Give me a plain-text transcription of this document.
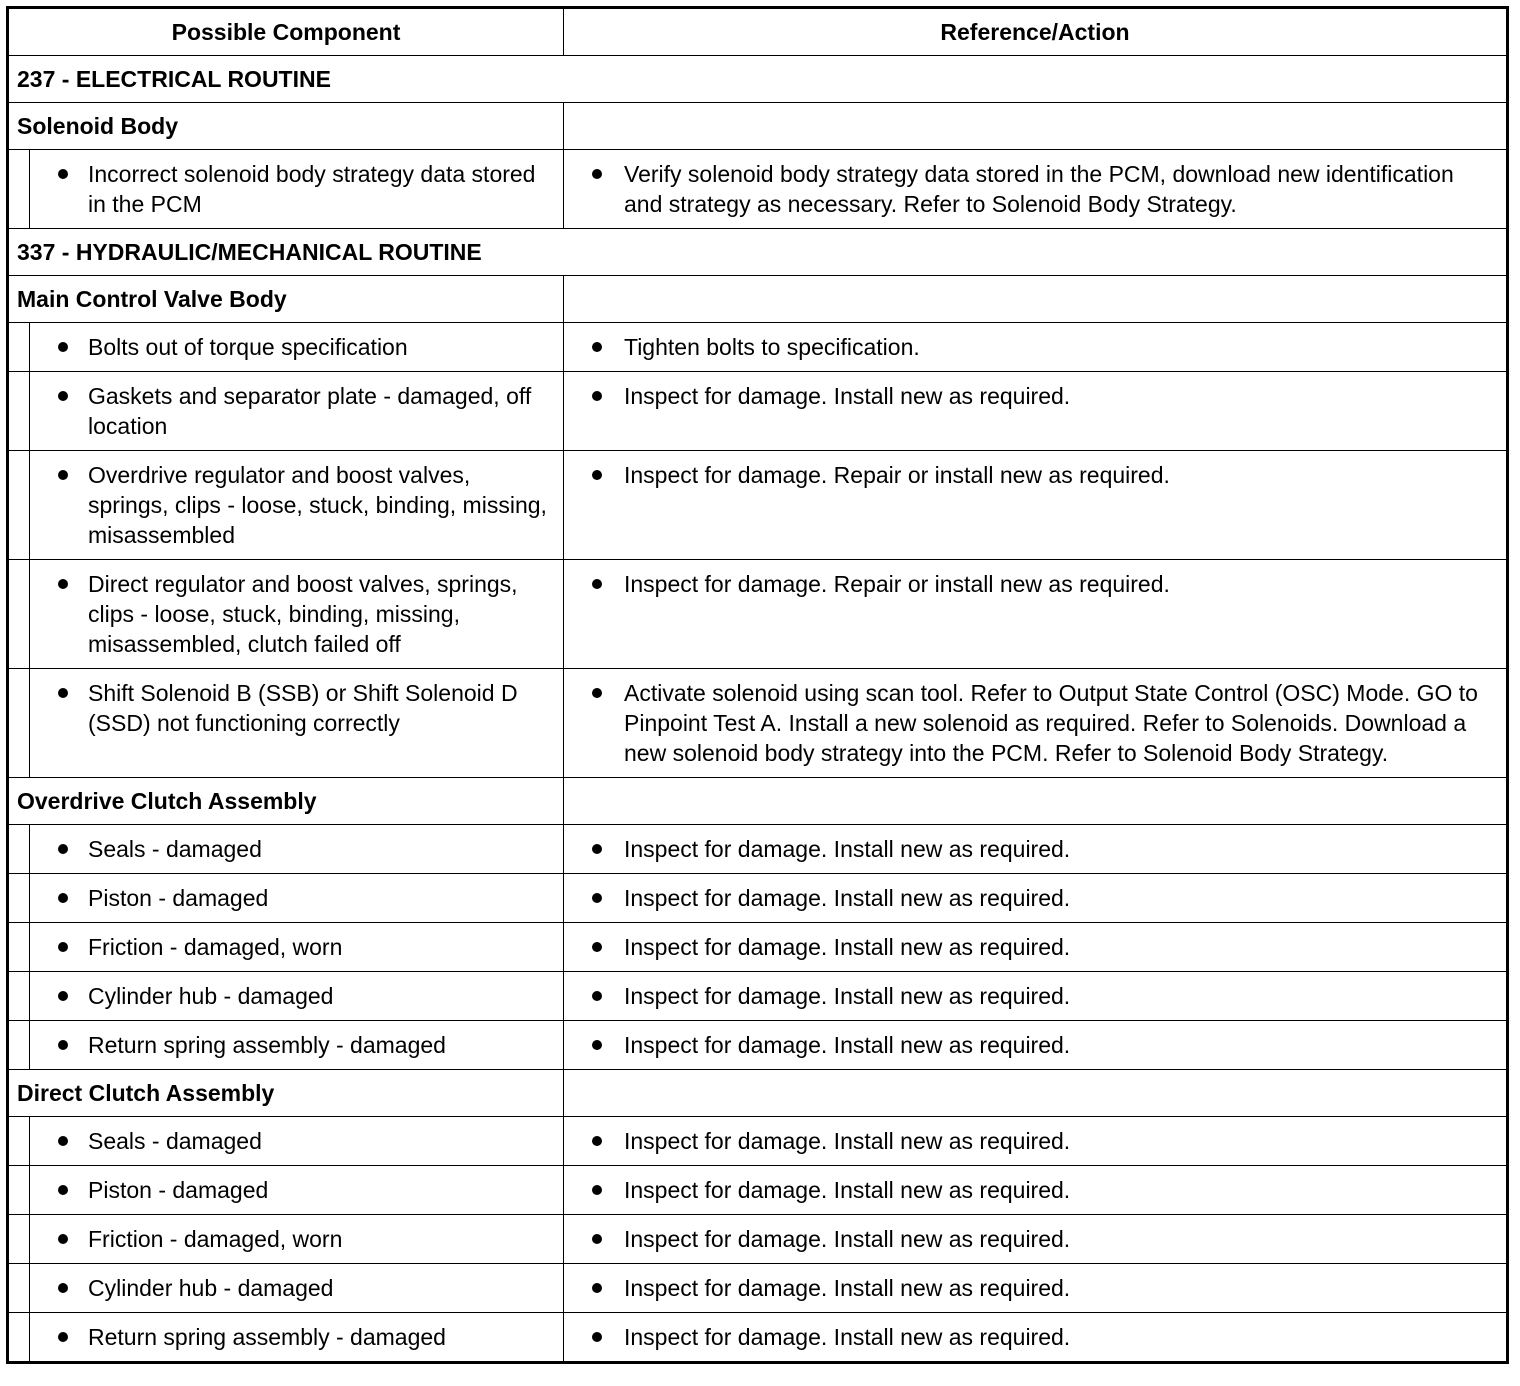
Possible Component		Reference/Action
237 - ELECTRICAL ROUTINE		
Solenoid Body		

	Incorrect solenoid body strategy data stored in the PCM	Verify solenoid body strategy data stored in the PCM, download new identification and strategy as necessary. Refer to Solenoid Body Strategy.

337 - HYDRAULIC/MECHANICAL ROUTINE		
Main Control Valve Body		

	Bolts out of torque specification	Tighten bolts to specification.

	Gaskets and separator plate - damaged, off location	Inspect for damage. Install new as required.

	Overdrive regulator and boost valves, springs, clips - loose, stuck, binding, missing, misassembled	Inspect for damage. Repair or install new as required.

	Direct regulator and boost valves, springs, clips - loose, stuck, binding, missing, misassembled, clutch failed off	Inspect for damage. Repair or install new as required.

	Shift Solenoid B (SSB) or Shift Solenoid D (SSD) not functioning correctly	Activate solenoid using scan tool. Refer to Output State Control (OSC) Mode. GO to Pinpoint Test A. Install a new solenoid as required. Refer to Solenoids. Download a new solenoid body strategy into the PCM. Refer to Solenoid Body Strategy.

Overdrive Clutch Assembly		

	Seals - damaged	Inspect for damage. Install new as required.

	Piston - damaged	Inspect for damage. Install new as required.

	Friction - damaged, worn	Inspect for damage. Install new as required.

	Cylinder hub - damaged	Inspect for damage. Install new as required.

	Return spring assembly - damaged	Inspect for damage. Install new as required.

Direct Clutch Assembly		

	Seals - damaged	Inspect for damage. Install new as required.

	Piston - damaged	Inspect for damage. Install new as required.

	Friction - damaged, worn	Inspect for damage. Install new as required.

	Cylinder hub - damaged	Inspect for damage. Install new as required.

	Return spring assembly - damaged	Inspect for damage. Install new as required.
